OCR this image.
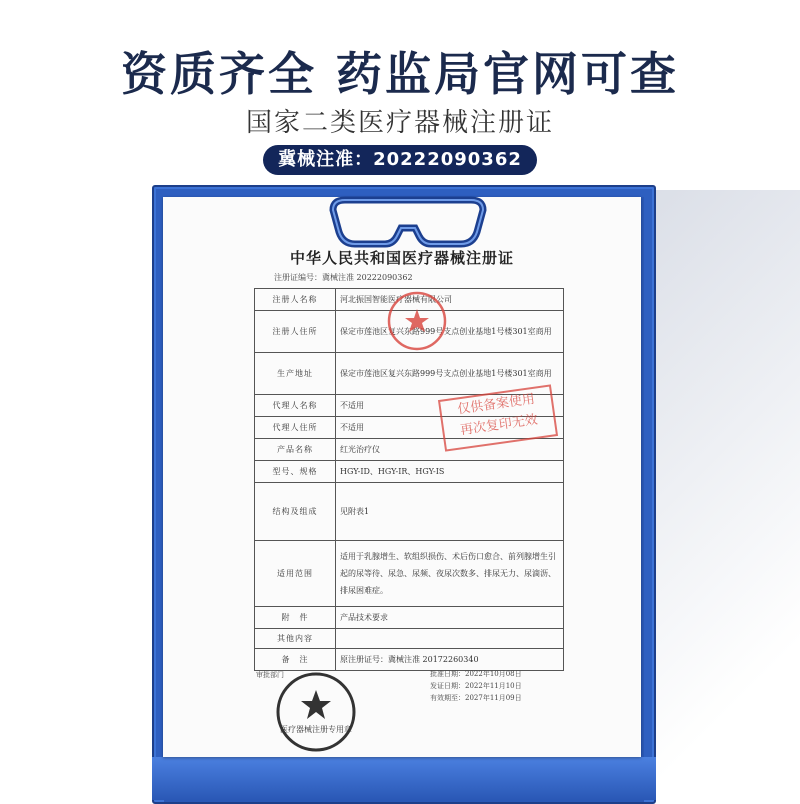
资质齐全 药监局官网可查
国家二类医疗器械注册证
冀械注准：20222090362
中华人民共和国医疗器械注册证
注册证编号：冀械注准 20222090362
注册人名称	河北振国智能医疗器械有限公司
注册人住所	保定市莲池区复兴东路999号支点创业基地1号楼301室商用
生产地址	保定市莲池区复兴东路999号支点创业基地1号楼301室商用
代理人名称	不适用
代理人住所	不适用
产品名称	红光治疗仪
型号、规格	HGY-ID、HGY-IR、HGY-IS
结构及组成	见附表1
适用范围	适用于乳腺增生、软组织损伤、术后伤口愈合、前列腺增生引起的尿等待、尿急、尿频、夜尿次数多、排尿无力、尿滴沥、排尿困难症。
附　件	产品技术要求
其他内容	
备　注	原注册证号：冀械注准 20172260340
审批部门	批准日期：2022年10月08日
发证日期：2022年11月10日
有效期至：2027年11月09日
仅供备案使用
再次复印无效
医疗器械注册专用章
